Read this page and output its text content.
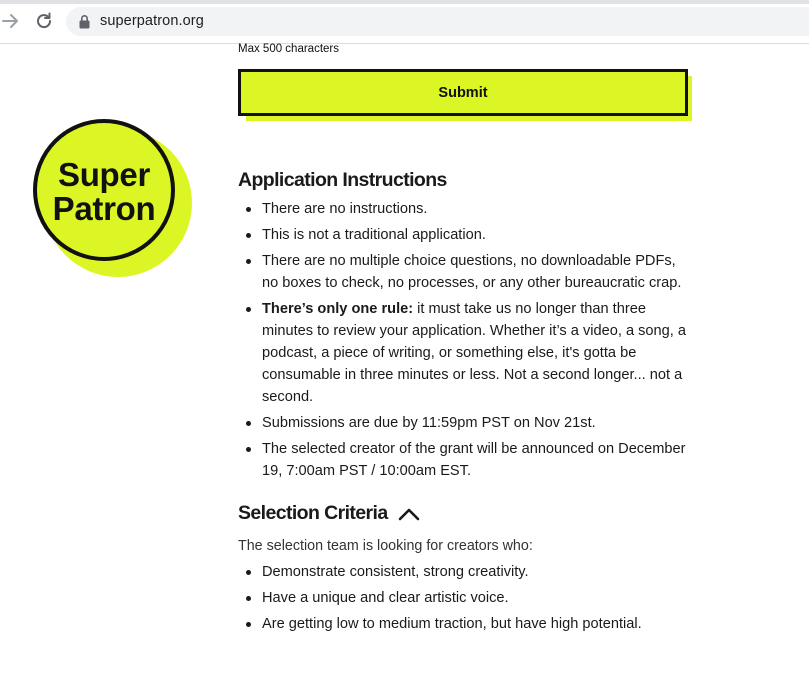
superpatron.org
Super
Patron
Max 500 characters
Submit
Application Instructions
There are no instructions.
This is not a traditional application.
There are no multiple choice questions, no downloadable PDFs, no boxes to check, no processes, or any other bureaucratic crap.
There’s only one rule: it must take us no longer than three minutes to review your application. Whether it’s a video, a song, a podcast, a piece of writing, or something else, it's gotta be consumable in three minutes or less. Not a second longer... not a second.
Submissions are due by 11:59pm PST on Nov 21st.
The selected creator of the grant will be announced on December 19, 7:00am PST / 10:00am EST.
Selection Criteria
The selection team is looking for creators who:
Demonstrate consistent, strong creativity.
Have a unique and clear artistic voice.
Are getting low to medium traction, but have high potential.
